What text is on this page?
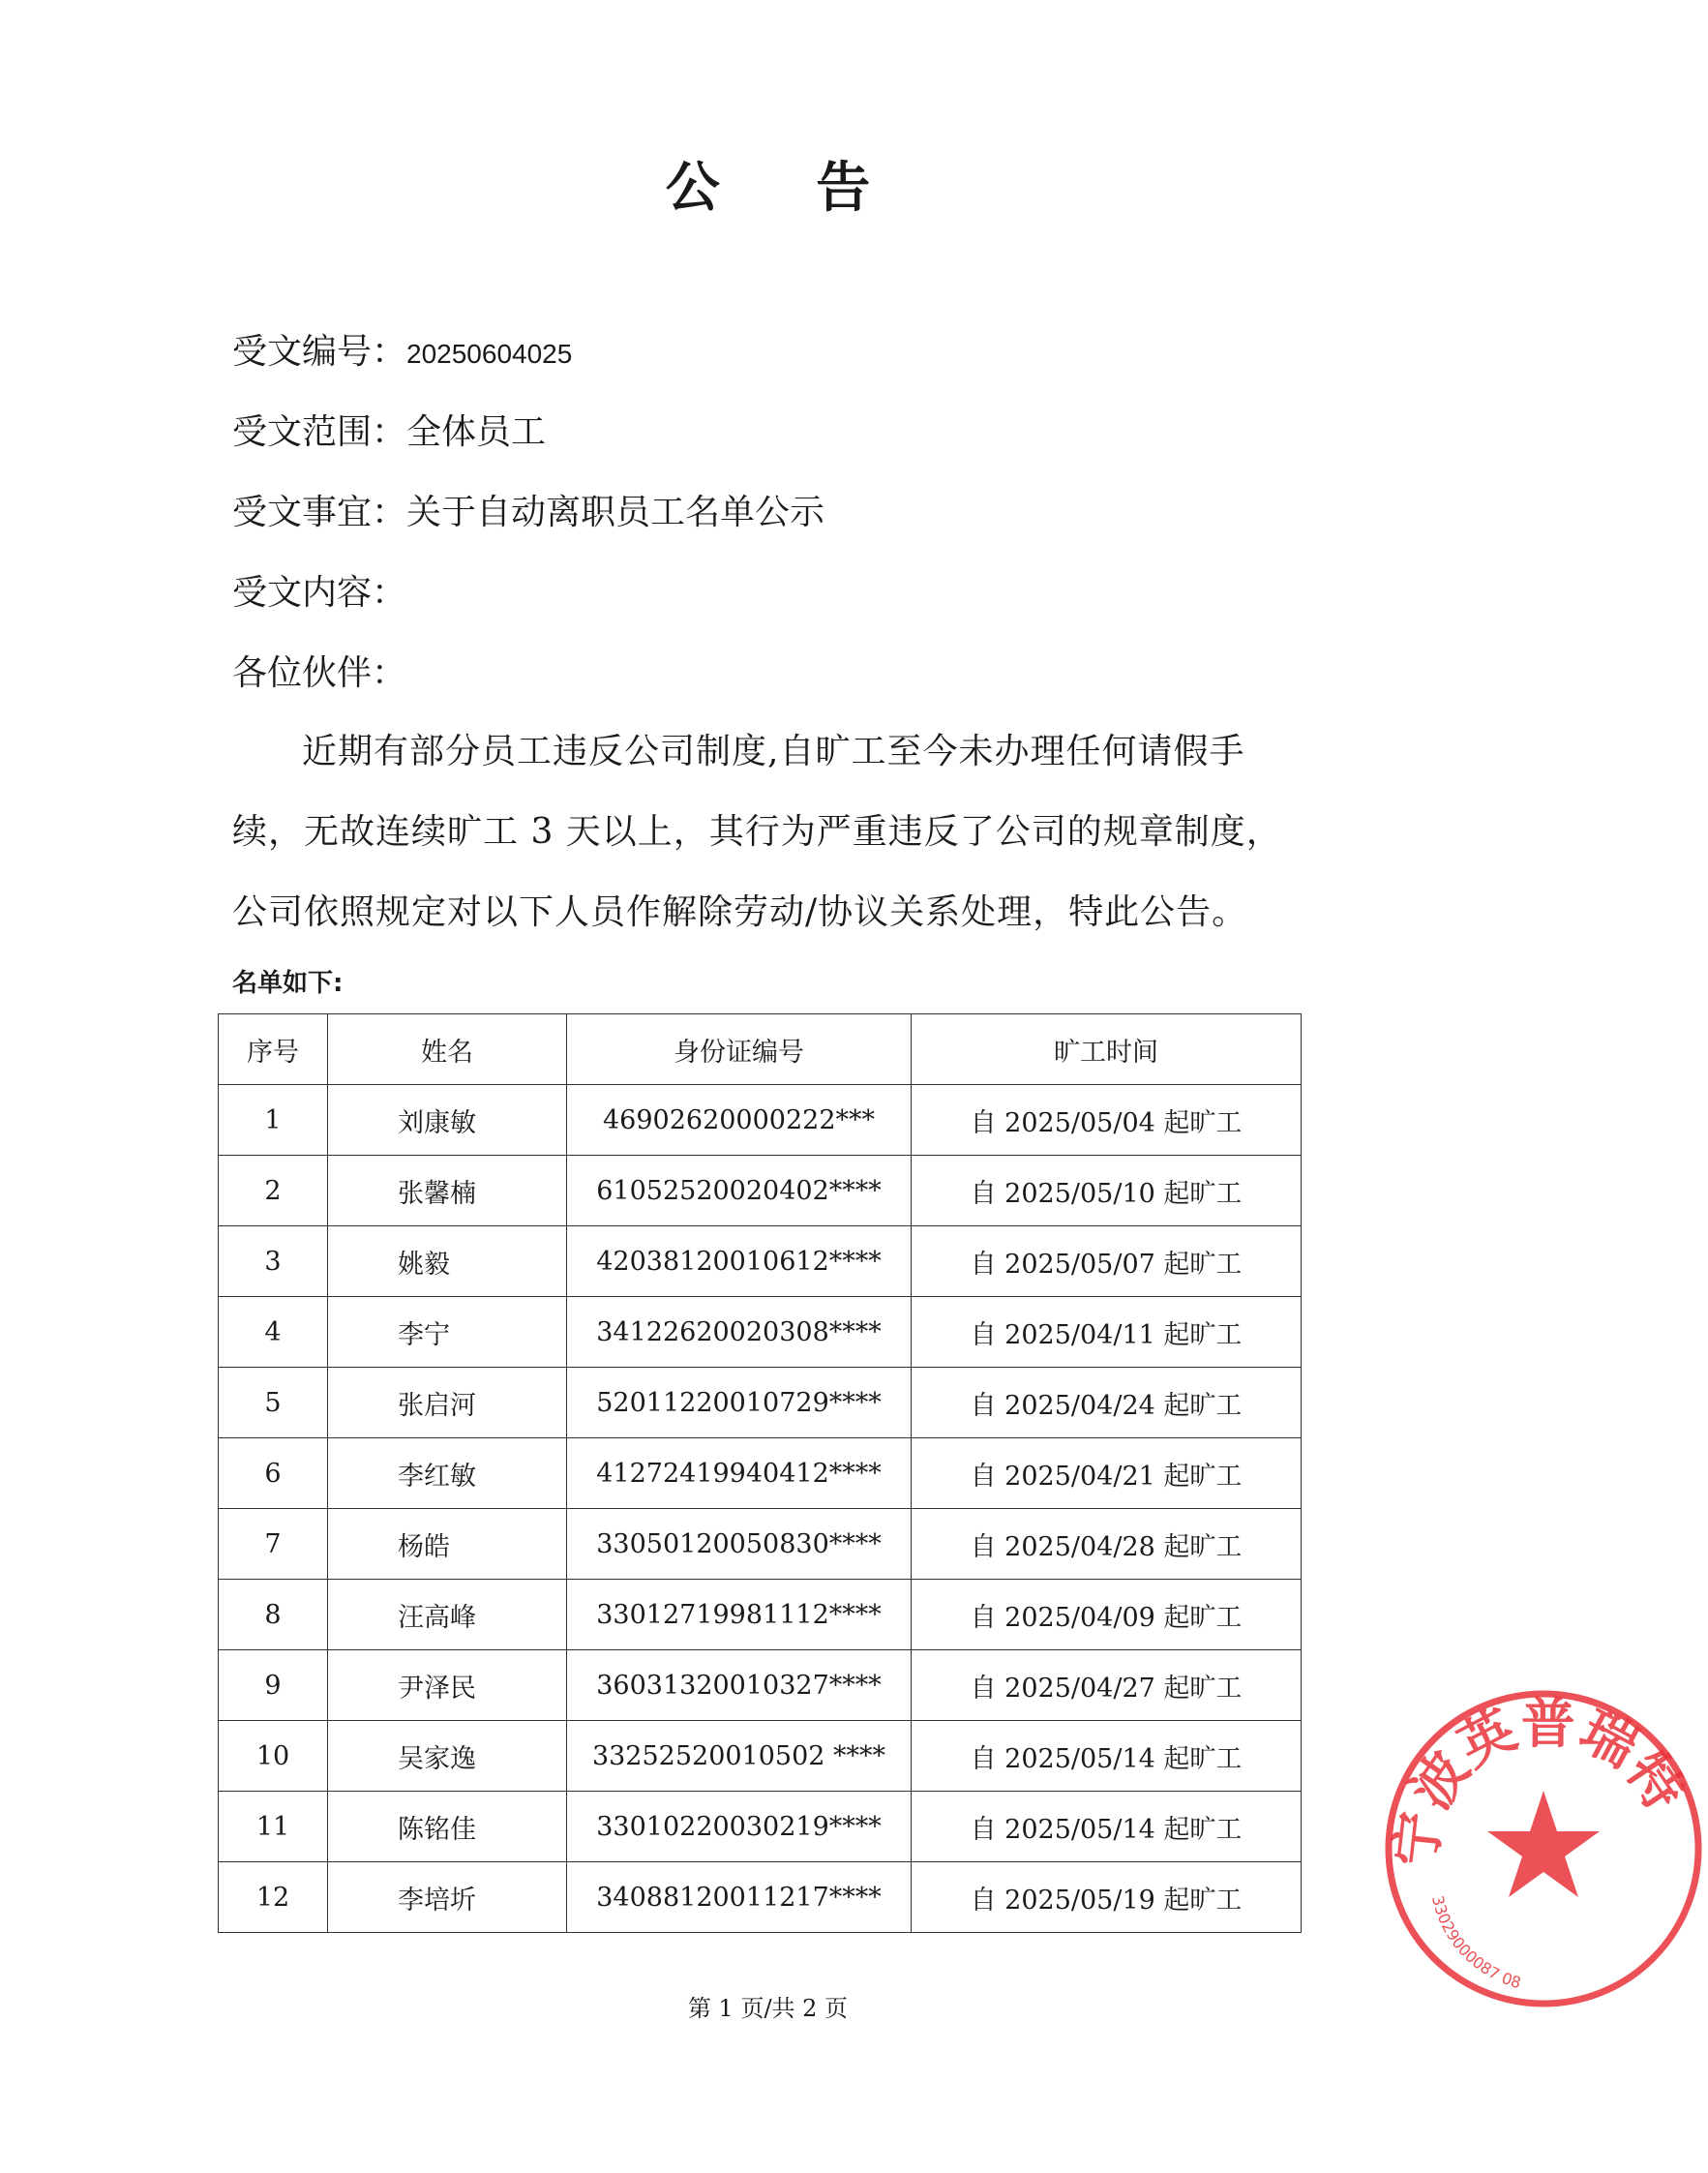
公 告
受文编号：20250604025
受文范围：全体员工
受文事宜：关于自动离职员工名单公示
受文内容：
各位伙伴：
近期有部分员工违反公司制度,自旷工至今未办理任何请假手续，无故连续旷工 3 天以上，其行为严重违反了公司的规章制度，公司依照规定对以下人员作解除劳动/协议关系处理，特此公告。
名单如下:
序号	姓名	身份证编号	旷工时间
1	刘康敏	46902620000222***	自 2025/05/04 起旷工
2	张馨楠	61052520020402****	自 2025/05/10 起旷工
3	姚毅	42038120010612****	自 2025/05/07 起旷工
4	李宁	34122620020308****	自 2025/04/11 起旷工
5	张启河	52011220010729****	自 2025/04/24 起旷工
6	李红敏	41272419940412****	自 2025/04/21 起旷工
7	杨皓	33050120050830****	自 2025/04/28 起旷工
8	汪高峰	33012719981112****	自 2025/04/09 起旷工
9	尹泽民	36031320010327****	自 2025/04/27 起旷工
10	吴家逸	33252520010502 ****	自 2025/05/14 起旷工
11	陈铭佳	33010220030219****	自 2025/05/14 起旷工
12	李培圻	34088120011217****	自 2025/05/19 起旷工
第 1 页/共 2 页
宁波英普瑞特
33029000087 08
